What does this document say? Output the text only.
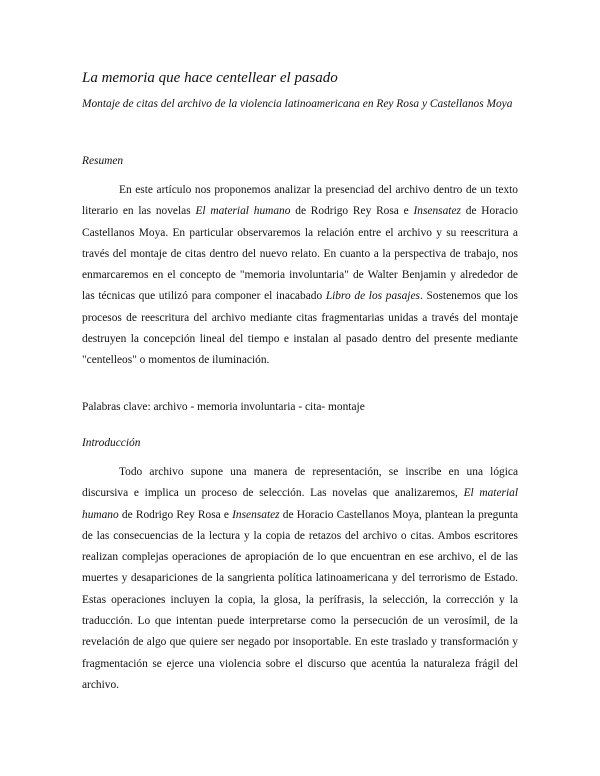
La memoria que hace centellear el pasado

Montaje de citas del archivo de la violencia latinoamericana en Rey Rosa y Castellanos Moya

Resumen

En este artículo nos proponemos analizar la presenciad del archivo dentro de un texto literario en las novelas El material humano de Rodrigo Rey Rosa e Insensatez de Horacio Castellanos Moya. En particular observaremos la relación entre el archivo y su reescritura a través del montaje de citas dentro del nuevo relato. En cuanto a la perspectiva de trabajo, nos enmarcaremos en el concepto de "memoria involuntaria" de Walter Benjamin y alrededor de las técnicas que utilizó para componer el inacabado Libro de los pasajes. Sostenemos que los procesos de reescritura del archivo mediante citas fragmentarias unidas a través del montaje destruyen la concepción lineal del tiempo e instalan al pasado dentro del presente mediante "centelleos" o momentos de iluminación.

Palabras clave: archivo - memoria involuntaria - cita- montaje

Introducción

Todo archivo supone una manera de representación, se inscribe en una lógica discursiva e implica un proceso de selección. Las novelas que analizaremos, El material humano de Rodrigo Rey Rosa e Insensatez de Horacio Castellanos Moya, plantean la pregunta de las consecuencias de la lectura y la copia de retazos del archivo o citas. Ambos escritores realizan complejas operaciones de apropiación de lo que encuentran en ese archivo, el de las muertes y desapariciones de la sangrienta política latinoamericana y del terrorismo de Estado. Estas operaciones incluyen la copia, la glosa, la perífrasis, la selección, la corrección y la traducción. Lo que intentan puede interpretarse como la persecución de un verosímil, de la revelación de algo que quiere ser negado por insoportable. En este traslado y transformación y fragmentación se ejerce una violencia sobre el discurso que acentúa la naturaleza frágil del archivo.
